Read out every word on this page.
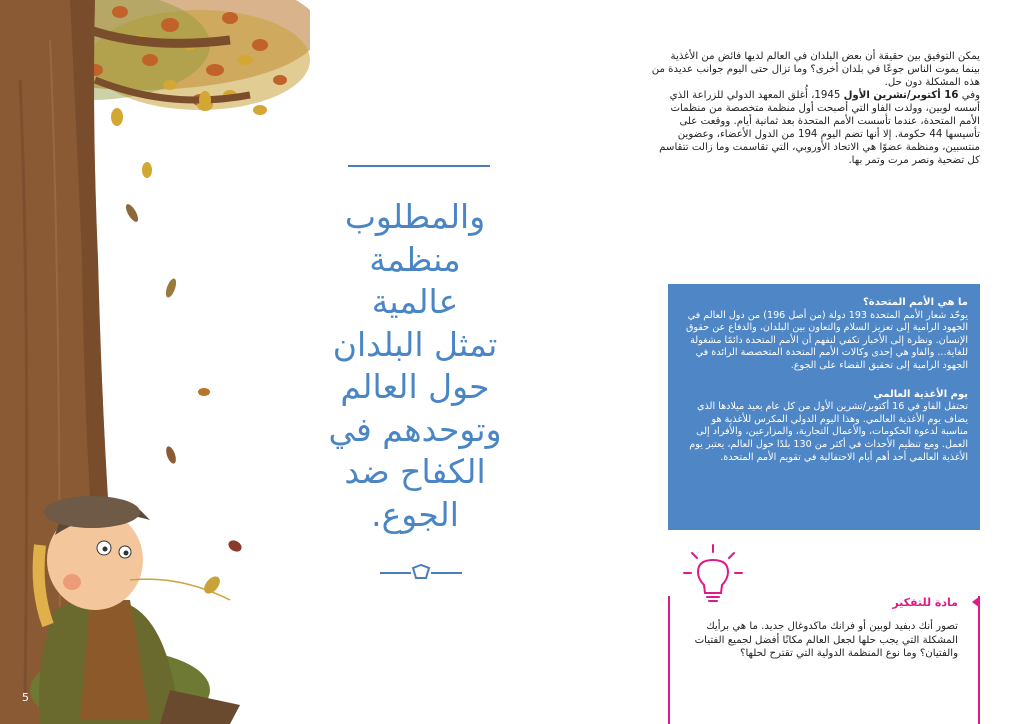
5
والمطلوب
منظمة
عالمية
تمثل البلدان
حول العالم
وتوحدهم في
الكفاح ضد
الجوع.
يمكن التوفيق بين حقيقة أن بعض البلدان في العالم لديها فائض من الأغذية بينما يموت الناس جوعًا في بلدان أخرى؟ وما تزال حتى اليوم جوانب عديدة من هذه المشكلة دون حل.
وفي 16 أكتوبر/تشرين الأول 1945، أُغلق المعهد الدولي للزراعة الذي أسسه لوبين، وولدت الفاو التي أصبحت أول منظمة متخصصة من منظمات الأمم المتحدة، عندما تأسست الأمم المتحدة بعد ثمانية أيام. ووقعت على تأسيسها 44 حكومة. إلا أنها تضم اليوم 194 من الدول الأعضاء، وعضوين منتسبين، ومنظمة عضوًا هي الاتحاد الأوروبي، التي تقاسمت وما زالت تتقاسم كل تضحية ونصر مرت وتمر بها.
ما هي الأمم المتحدة؟
يوحّد شعار الأمم المتحدة 193 دولة (من أصل 196) من دول العالم في الجهود الرامية إلى تعزيز السلام والتعاون بين البلدان، والدفاع عن حقوق الإنسان. ونظرة إلى الأخبار تكفي لنفهم أن الأمم المتحدة دائمًا مشغولة للغاية... والفاو هي إحدى وكالات الأمم المتحدة المتخصصة الرائدة في الجهود الرامية إلى تحقيق القضاء على الجوع.
يوم الأغذية العالمي
تحتفل الفاو في 16 أكتوبر/تشرين الأول من كل عام بعيد ميلادها الذي يضاف يوم الأغذية العالمي. وهذا اليوم الدولي المكرس للأغذية هو مناسبة لدعوة الحكومات، والأعمال التجارية، والمزارعين، والأفراد إلى العمل. ومع تنظيم الأحداث في أكثر من 130 بلدًا حول العالم، يعتبر يوم الأغذية العالمي أحد أهم أيام الاحتفالية في تقويم الأمم المتحدة.
مادة للتفكير
تصور أنك دبفيد لوبين أو فرانك ماكدوغال جديد. ما هي برأيك المشكلة التي يجب حلها لجعل العالم مكانًا أفضل لجميع الفتيات والفتيان؟ وما نوع المنظمة الدولية التي تقترح لحلها؟
